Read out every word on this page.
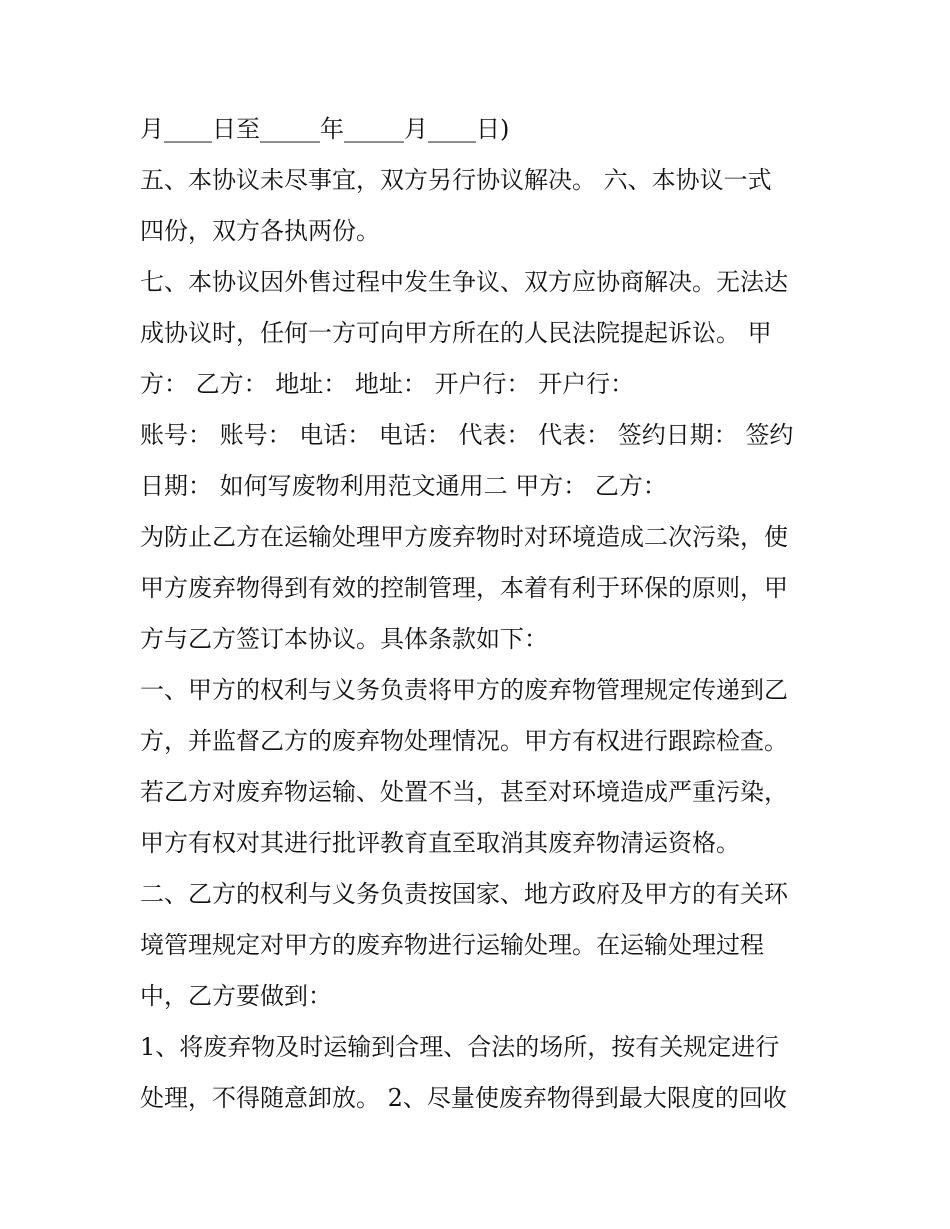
月____日至_____年_____月____日)
五、本协议未尽事宜，双方另行协议解决。 六、本协议一式
四份，双方各执两份。
七、本协议因外售过程中发生争议、双方应协商解决。无法达
成协议时，任何一方可向甲方所在的人民法院提起诉讼。 甲
方： 乙方： 地址： 地址： 开户行： 开户行：
账号： 账号： 电话： 电话： 代表： 代表： 签约日期： 签约
日期： 如何写废物利用范文通用二 甲方： 乙方：
为防止乙方在运输处理甲方废弃物时对环境造成二次污染，使
甲方废弃物得到有效的控制管理，本着有利于环保的原则，甲
方与乙方签订本协议。具体条款如下：
一、甲方的权利与义务负责将甲方的废弃物管理规定传递到乙
方，并监督乙方的废弃物处理情况。甲方有权进行跟踪检查。
若乙方对废弃物运输、处置不当，甚至对环境造成严重污染，
甲方有权对其进行批评教育直至取消其废弃物清运资格。
二、乙方的权利与义务负责按国家、地方政府及甲方的有关环
境管理规定对甲方的废弃物进行运输处理。在运输处理过程
中，乙方要做到：
1、将废弃物及时运输到合理、合法的场所，按有关规定进行
处理，不得随意卸放。 2、尽量使废弃物得到最大限度的回收
